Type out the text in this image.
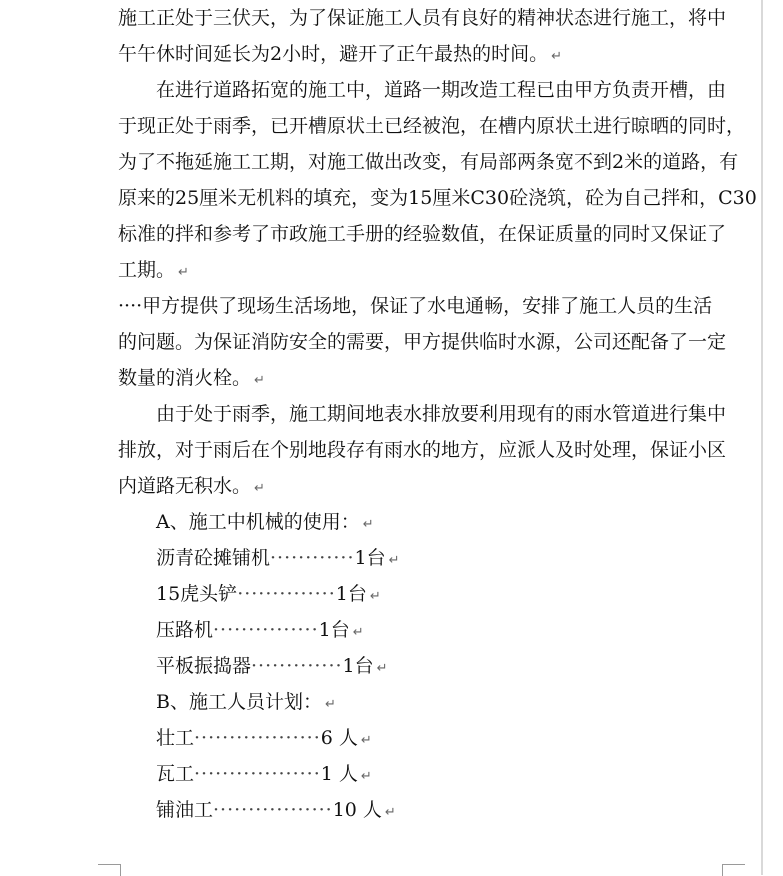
施工正处于三伏天，为了保证施工人员有良好的精神状态进行施工，将中
午午休时间延长为2小时，避开了正午最热的时间。 ↵
在进行道路拓宽的施工中，道路一期改造工程已由甲方负责开槽，由
于现正处于雨季，已开槽原状土已经被泡，在槽内原状土进行晾晒的同时，
为了不拖延施工工期，对施工做出改变，有局部两条宽不到2米的道路，有
原来的25厘米无机料的填充，变为15厘米C30砼浇筑，砼为自己拌和，C30
标准的拌和参考了市政施工手册的经验数值，在保证质量的同时又保证了
工期。 ↵
····甲方提供了现场生活场地，保证了水电通畅，安排了施工人员的生活
的问题。为保证消防安全的需要，甲方提供临时水源，公司还配备了一定
数量的消火栓。 ↵
由于处于雨季，施工期间地表水排放要利用现有的雨水管道进行集中
排放，对于雨后在个别地段存有雨水的地方，应派人及时处理，保证小区
内道路无积水。 ↵
A、施工中机械的使用： ↵
沥青砼摊铺机············1台 ↵
15虎头铲··············1台 ↵
压路机···············1台 ↵
平板振捣器·············1台 ↵
B、施工人员计划： ↵
壮工··················6 人 ↵
瓦工··················1 人 ↵
铺油工·················10 人 ↵
